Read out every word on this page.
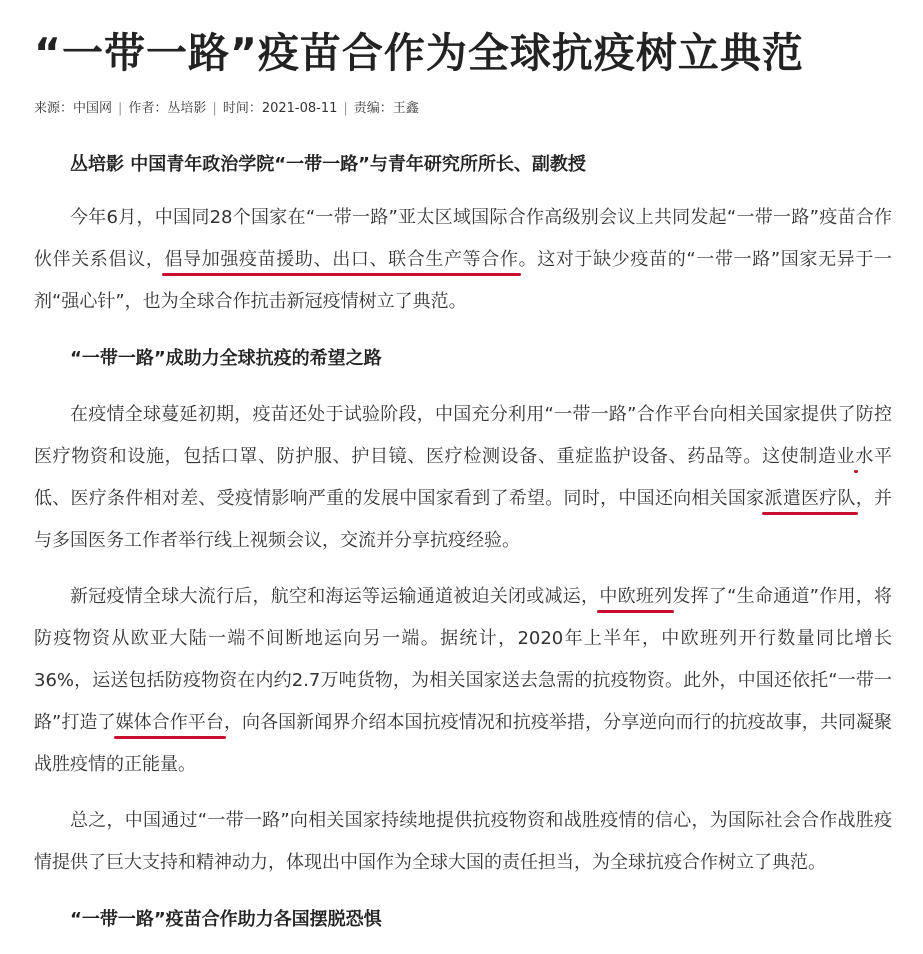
“一带一路”疫苗合作为全球抗疫树立典范
来源：中国网 | 作者：丛培影 | 时间：2021-08-11 | 责编：王鑫

丛培影 中国青年政治学院“一带一路”与青年研究所所长、副教授

今年6月，中国同28个国家在“一带一路”亚太区域国际合作高级别会议上共同发起“一带一路”疫苗合作伙伴关系倡议，倡导加强疫苗援助、出口、联合生产等合作。这对于缺少疫苗的“一带一路”国家无异于一剂“强心针”，也为全球合作抗击新冠疫情树立了典范。

“一带一路”成助力全球抗疫的希望之路

在疫情全球蔓延初期，疫苗还处于试验阶段，中国充分利用“一带一路”合作平台向相关国家提供了防控医疗物资和设施，包括口罩、防护服、护目镜、医疗检测设备、重症监护设备、药品等。这使制造业水平低、医疗条件相对差、受疫情影响严重的发展中国家看到了希望。同时，中国还向相关国家派遣医疗队，并与多国医务工作者举行线上视频会议，交流并分享抗疫经验。

新冠疫情全球大流行后，航空和海运等运输通道被迫关闭或减运，中欧班列发挥了“生命通道”作用，将防疫物资从欧亚大陆一端不间断地运向另一端。据统计，2020年上半年，中欧班列开行数量同比增长36%，运送包括防疫物资在内约2.7万吨货物，为相关国家送去急需的抗疫物资。此外，中国还依托“一带一路”打造了媒体合作平台，向各国新闻界介绍本国抗疫情况和抗疫举措，分享逆向而行的抗疫故事，共同凝聚战胜疫情的正能量。

总之，中国通过“一带一路”向相关国家持续地提供抗疫物资和战胜疫情的信心，为国际社会合作战胜疫情提供了巨大支持和精神动力，体现出中国作为全球大国的责任担当，为全球抗疫合作树立了典范。

“一带一路”疫苗合作助力各国摆脱恐惧
